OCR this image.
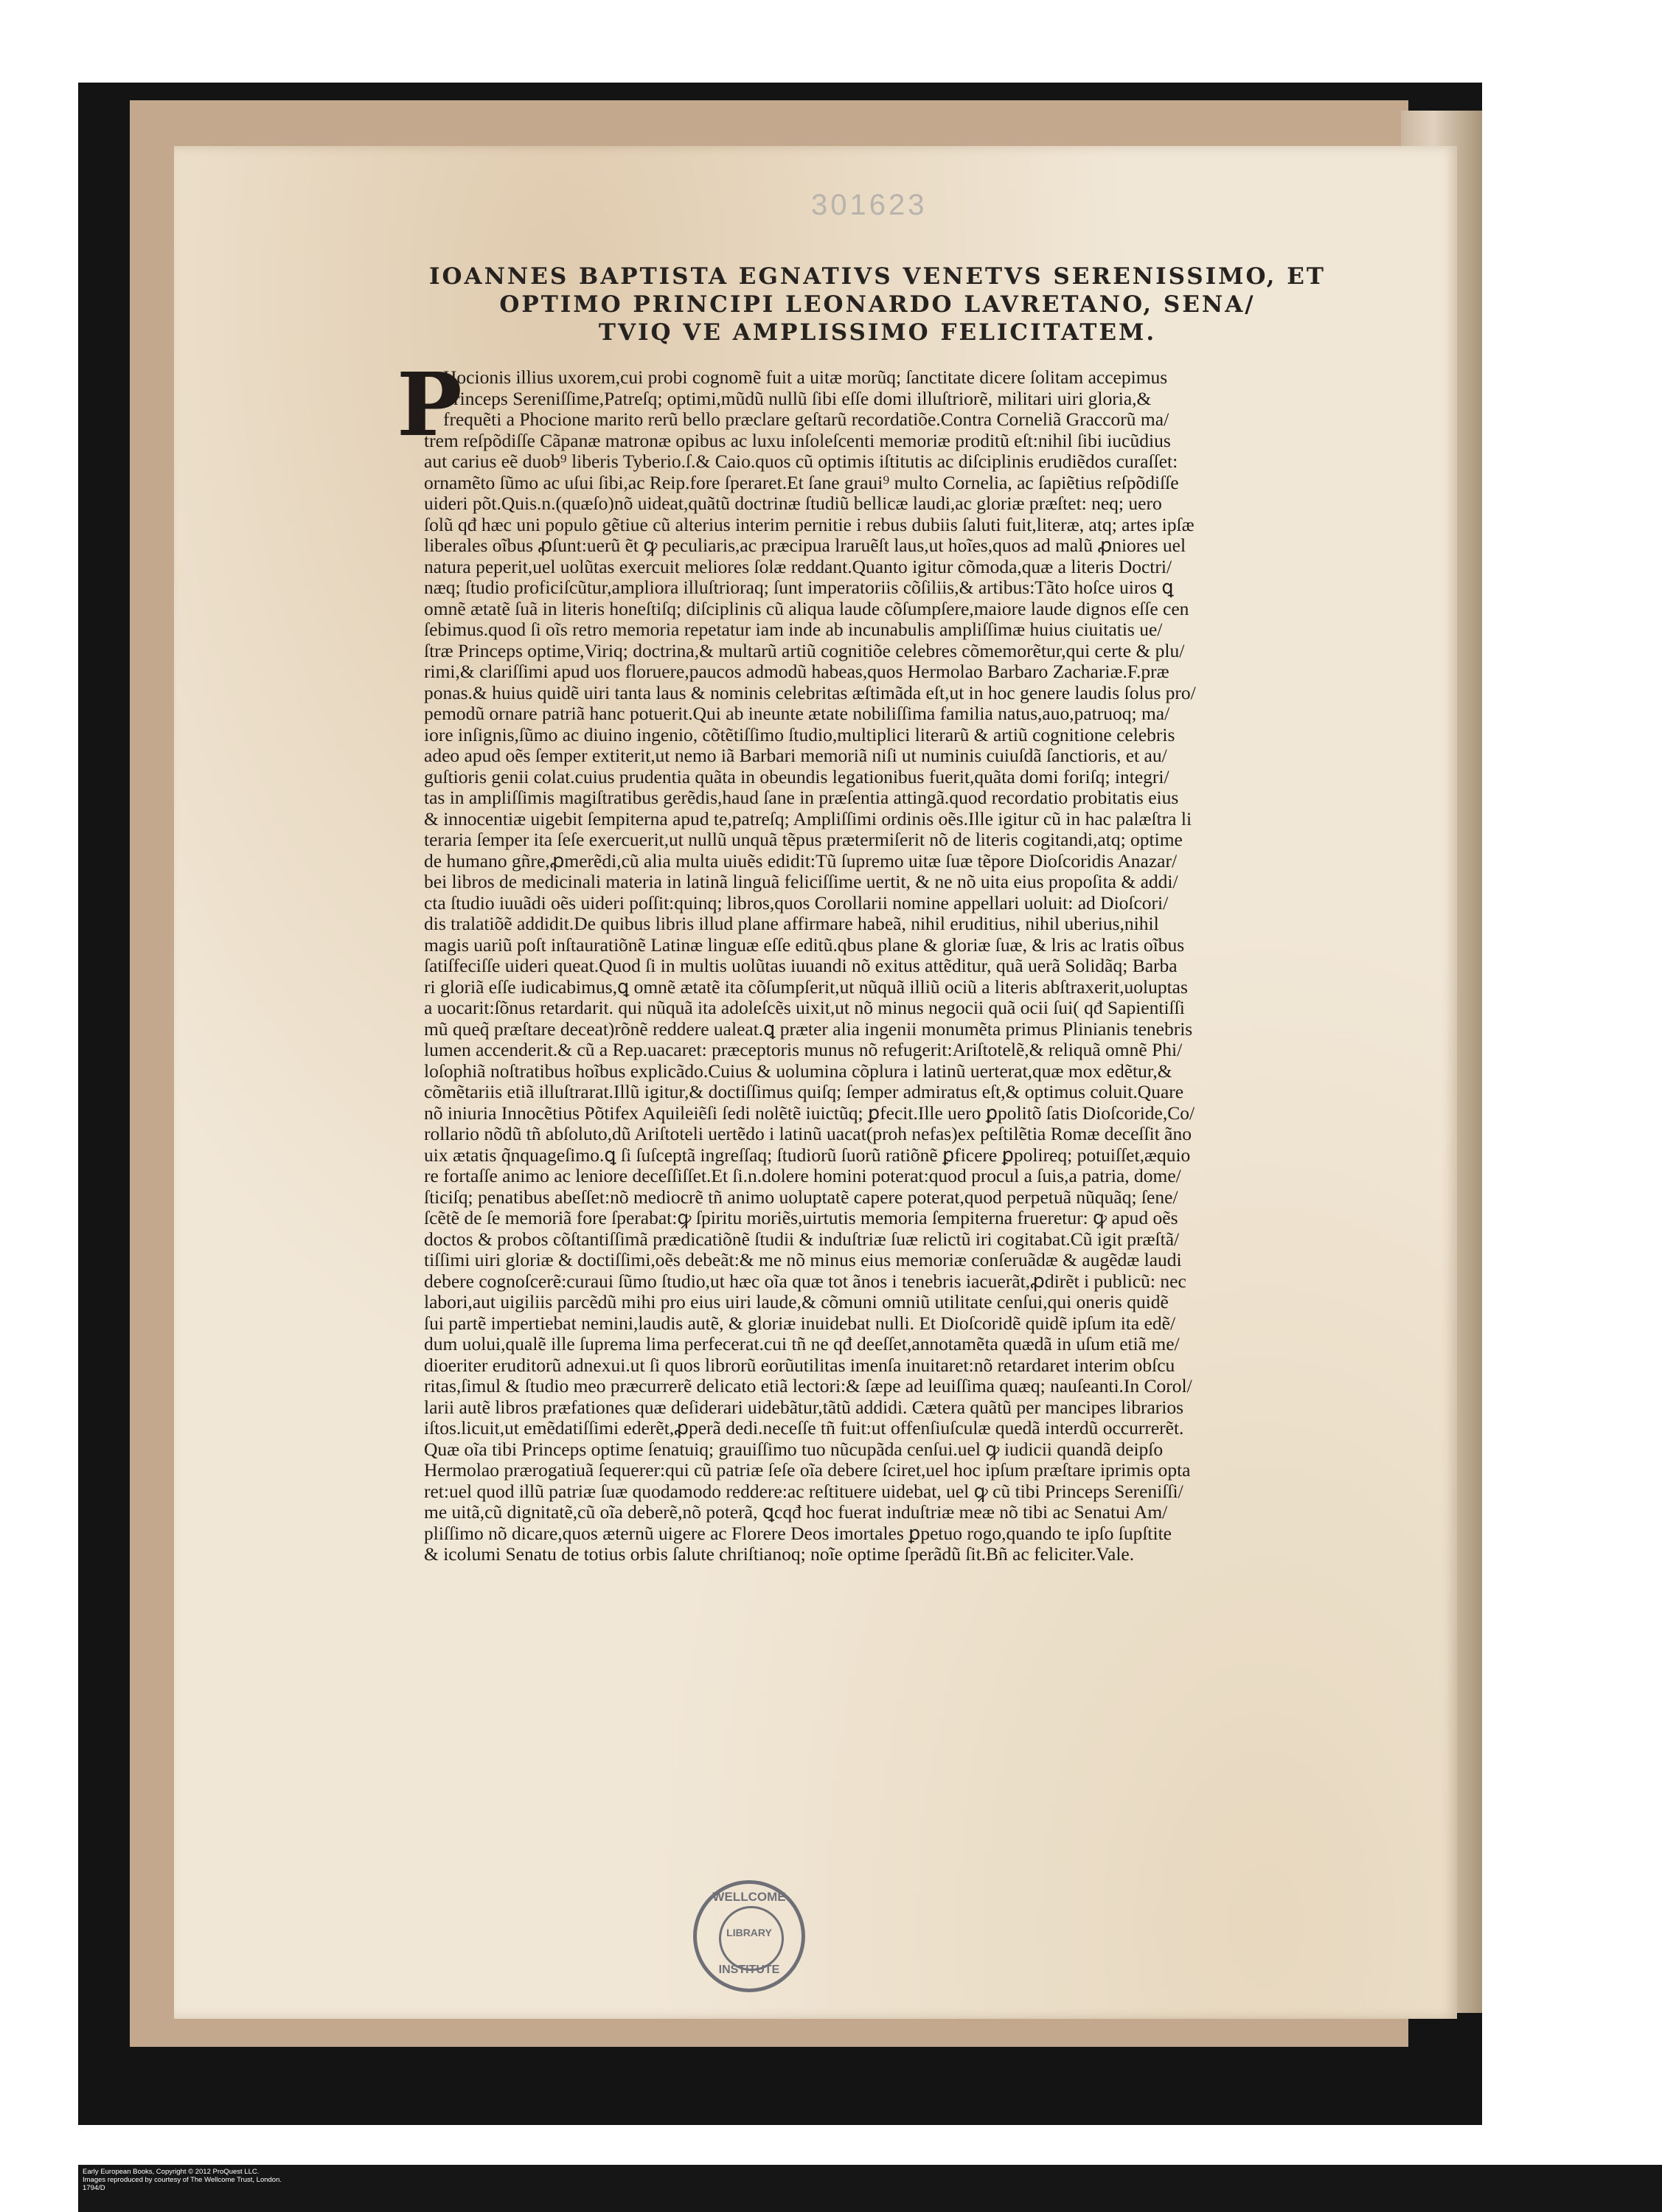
301623
IOANNES BAPTISTA EGNATIVS VENETVS SERENISSIMO, ET
OPTIMO PRINCIPI LEONARDO LAVRETANO, SENA/
TVIQ VE AMPLISSIMO FELICITATEM.
P
Hocionis illius uxorem,cui probi cognomẽ fuit a uitæ morũq; ſanctitate dicere ſolitam accepimus
Princeps Sereniſſime,Patreſq; optimi,mũdũ nullũ ſibi eſſe domi illuſtriorẽ, militari uiri gloria,&
frequẽti a Phocione marito rerũ bello præclare geſtarũ recordatiõe.Contra Corneliã Graccorũ ma/
trem reſpõdiſſe Cãpanæ matronæ opibus ac luxu inſoleſcenti memoriæ proditũ eſt:nihil ſibi iucũdius
aut carius eẽ duob⁹ liberis Tyberio.ſ.& Caio.quos cũ optimis iſtitutis ac diſciplinis erudiẽdos curaſſet:
ornamẽto ſũmo ac uſui ſibi,ac Reip.fore ſperaret.Et ſane graui⁹ multo Cornelia, ac ſapiẽtius reſpõdiſſe
uideri põt.Quis.n.(quæſo)nõ uideat,quãtũ doctrinæ ſtudiũ bellicæ laudi,ac gloriæ præſtet: neq; uero
ſolũ qđ hæc uni populo gẽtiue cũ alterius interim pernitie i rebus dubiis ſaluti fuit,literæ, atq; artes ipſæ
liberales oĩbus ꝓſunt:uerũ ẽt ꝙ peculiaris,ac præcipua lraruẽſt laus,ut hoĩes,quos ad malũ ꝓniores uel
natura peperit,uel uolũtas exercuit meliores ſolæ reddant.Quanto igitur cõmoda,quæ a literis Doctri/
næq; ſtudio proficiſcũtur,ampliora illuſtrioraq; ſunt imperatoriis cõſiliis,& artibus:Tãto hoſce uiros ꝗ
omnẽ ætatẽ ſuã in literis honeſtiſq; diſciplinis cũ aliqua laude cõſumpſere,maiore laude dignos eſſe cen
ſebimus.quod ſi oĩs retro memoria repetatur iam inde ab incunabulis ampliſſimæ huius ciuitatis ue/
ſtræ Princeps optime,Viriq; doctrina,& multarũ artiũ cognitiõe celebres cõmemorẽtur,qui certe & plu/
rimi,& clariſſimi apud uos floruere,paucos admodũ habeas,quos Hermolao Barbaro Zachariæ.F.præ
ponas.& huius quidẽ uiri tanta laus & nominis celebritas æſtimãda eſt,ut in hoc genere laudis ſolus pro/
pemodũ ornare patriã hanc potuerit.Qui ab ineunte ætate nobiliſſima familia natus,auo,patruoq; ma/
iore inſignis,ſũmo ac diuino ingenio, cõtẽtiſſimo ſtudio,multiplici literarũ & artiũ cognitione celebris
adeo apud oẽs ſemper extiterit,ut nemo iã Barbari memoriã niſi ut numinis cuiuſdã ſanctioris, et au/
guſtioris genii colat.cuius prudentia quãta in obeundis legationibus fuerit,quãta domi foriſq; integri/
tas in ampliſſimis magiſtratibus gerẽdis,haud ſane in præſentia attingã.quod recordatio probitatis eius
& innocentiæ uigebit ſempiterna apud te,patreſq; Ampliſſimi ordinis oẽs.Ille igitur cũ in hac palæſtra li
teraria ſemper ita ſeſe exercuerit,ut nullũ unquã tẽpus prætermiſerit nõ de literis cogitandi,atq; optime
de humano gñre,ꝓmerẽdi,cũ alia multa uiuẽs edidit:Tũ ſupremo uitæ ſuæ tẽpore Dioſcoridis Anazar/
bei libros de medicinali materia in latinã linguã feliciſſime uertit, & ne nõ uita eius propoſita & addi/
cta ſtudio iuuãdi oẽs uideri poſſit:quinq; libros,quos Corollarii nomine appellari uoluit: ad Dioſcori/
dis tralatiõẽ addidit.De quibus libris illud plane affirmare habeã, nihil eruditius, nihil uberius,nihil
magis uariũ poſt inſtauratiõnẽ Latinæ linguæ eſſe editũ.qbus plane & gloriæ ſuæ, & lris ac lratis oĩbus
ſatiſfeciſſe uideri queat.Quod ſi in multis uolũtas iuuandi nõ exitus attẽditur, quã uerã Solidãq; Barba
ri gloriã eſſe iudicabimus,ꝗ omnẽ ætatẽ ita cõſumpſerit,ut nũquã illiũ ociũ a literis abſtraxerit,uoluptas
a uocarit:ſõnus retardarit. qui nũquã ita adoleſcẽs uixit,ut nõ minus negocii quã ocii ſui( qđ Sapientiſſi
mũ queq̃ præſtare deceat)rõnẽ reddere ualeat.ꝗ præter alia ingenii monumẽta primus Plinianis tenebris
lumen accenderit.& cũ a Rep.uacaret: præceptoris munus nõ refugerit:Ariſtotelẽ,& reliquã omnẽ Phi/
loſophiã noſtratibus hoĩbus explicãdo.Cuius & uolumina cõplura i latinũ uerterat,quæ mox edẽtur,&
cõmẽtariis etiã illuſtrarat.Illũ igitur,& doctiſſimus quiſq; ſemper admiratus eſt,& optimus coluit.Quare
nõ iniuria Innocẽtius Põtifex Aquileiẽſi ſedi nolẽtẽ iuictũq; ꝑfecit.Ille uero ꝑpolitõ ſatis Dioſcoride,Co/
rollario nõdũ tñ abſoluto,dũ Ariſtoteli uertẽdo i latinũ uacat(proh nefas)ex peſtilẽtia Romæ deceſſit ãno
uix ætatis q̃nquageſimo.ꝗ ſi ſuſceptã ingreſſaq; ſtudiorũ ſuorũ ratiõnẽ ꝑficere ꝑpolireq; potuiſſet,æquio
re fortaſſe animo ac leniore deceſſiſſet.Et ſi.n.dolere homini poterat:quod procul a ſuis,a patria, dome/
ſticiſq; penatibus abeſſet:nõ mediocrẽ tñ animo uoluptatẽ capere poterat,quod perpetuã nũquãq; ſene/
ſcẽtẽ de ſe memoriã fore ſperabat:ꝙ ſpiritu moriẽs,uirtutis memoria ſempiterna frueretur: ꝙ apud oẽs
doctos & probos cõſtantiſſimã prædicatiõnẽ ſtudii & induſtriæ ſuæ relictũ iri cogitabat.Cũ igit præſtã/
tiſſimi uiri gloriæ & doctiſſimi,oẽs debeãt:& me nõ minus eius memoriæ conſeruãdæ & augẽdæ laudi
debere cognoſcerẽ:curaui ſũmo ſtudio,ut hæc oĩa quæ tot ãnos i tenebris iacuerãt,ꝓdirẽt i publicũ: nec
labori,aut uigiliis parcẽdũ mihi pro eius uiri laude,& cõmuni omniũ utilitate cenſui,qui oneris quidẽ
ſui partẽ impertiebat nemini,laudis autẽ, & gloriæ inuidebat nulli. Et Dioſcoridẽ quidẽ ipſum ita edẽ/
dum uolui,qualẽ ille ſuprema lima perfecerat.cui tñ ne qđ deeſſet,annotamẽta quædã in uſum etiã me/
dioeriter eruditorũ adnexui.ut ſi quos librorũ eorũutilitas imenſa inuitaret:nõ retardaret interim obſcu
ritas,ſimul & ſtudio meo præcurrerẽ delicato etiã lectori:& ſæpe ad leuiſſima quæq; nauſeanti.In Corol/
larii autẽ libros præfationes quæ deſiderari uidebãtur,tãtũ addidi. Cætera quãtũ per mancipes librarios
iſtos.licuit,ut emẽdatiſſimi ederẽt,ꝓperã dedi.neceſſe tñ fuit:ut offenſiuſculæ quedã interdũ occurrerẽt.
Quæ oĩa tibi Princeps optime ſenatuiq; grauiſſimo tuo nũcupãda cenſui.uel ꝙ iudicii quandã deipſo
Hermolao prærogatiuã ſequerer:qui cũ patriæ ſeſe oĩa debere ſciret,uel hoc ipſum præſtare iprimis opta
ret:uel quod illũ patriæ ſuæ quodamodo reddere:ac reſtituere uidebat, uel ꝙ cũ tibi Princeps Sereniſſi/
me uitã,cũ dignitatẽ,cũ oĩa deberẽ,nõ poterã, ꝗcqđ hoc fuerat induſtriæ meæ nõ tibi ac Senatui Am/
pliſſimo nõ dicare,quos æternũ uigere ac Florere Deos imortales ꝑpetuo rogo,quando te ipſo ſupſtite
& icolumi Senatu de totius orbis ſalute chriſtianoq; noĩe optime ſperãdũ ſit.Bñ ac feliciter.Vale.
WELLCOME
LIBRARY
INSTITUTE
Early European Books, Copyright © 2012 ProQuest LLC.
Images reproduced by courtesy of The Wellcome Trust, London.
1794/D
